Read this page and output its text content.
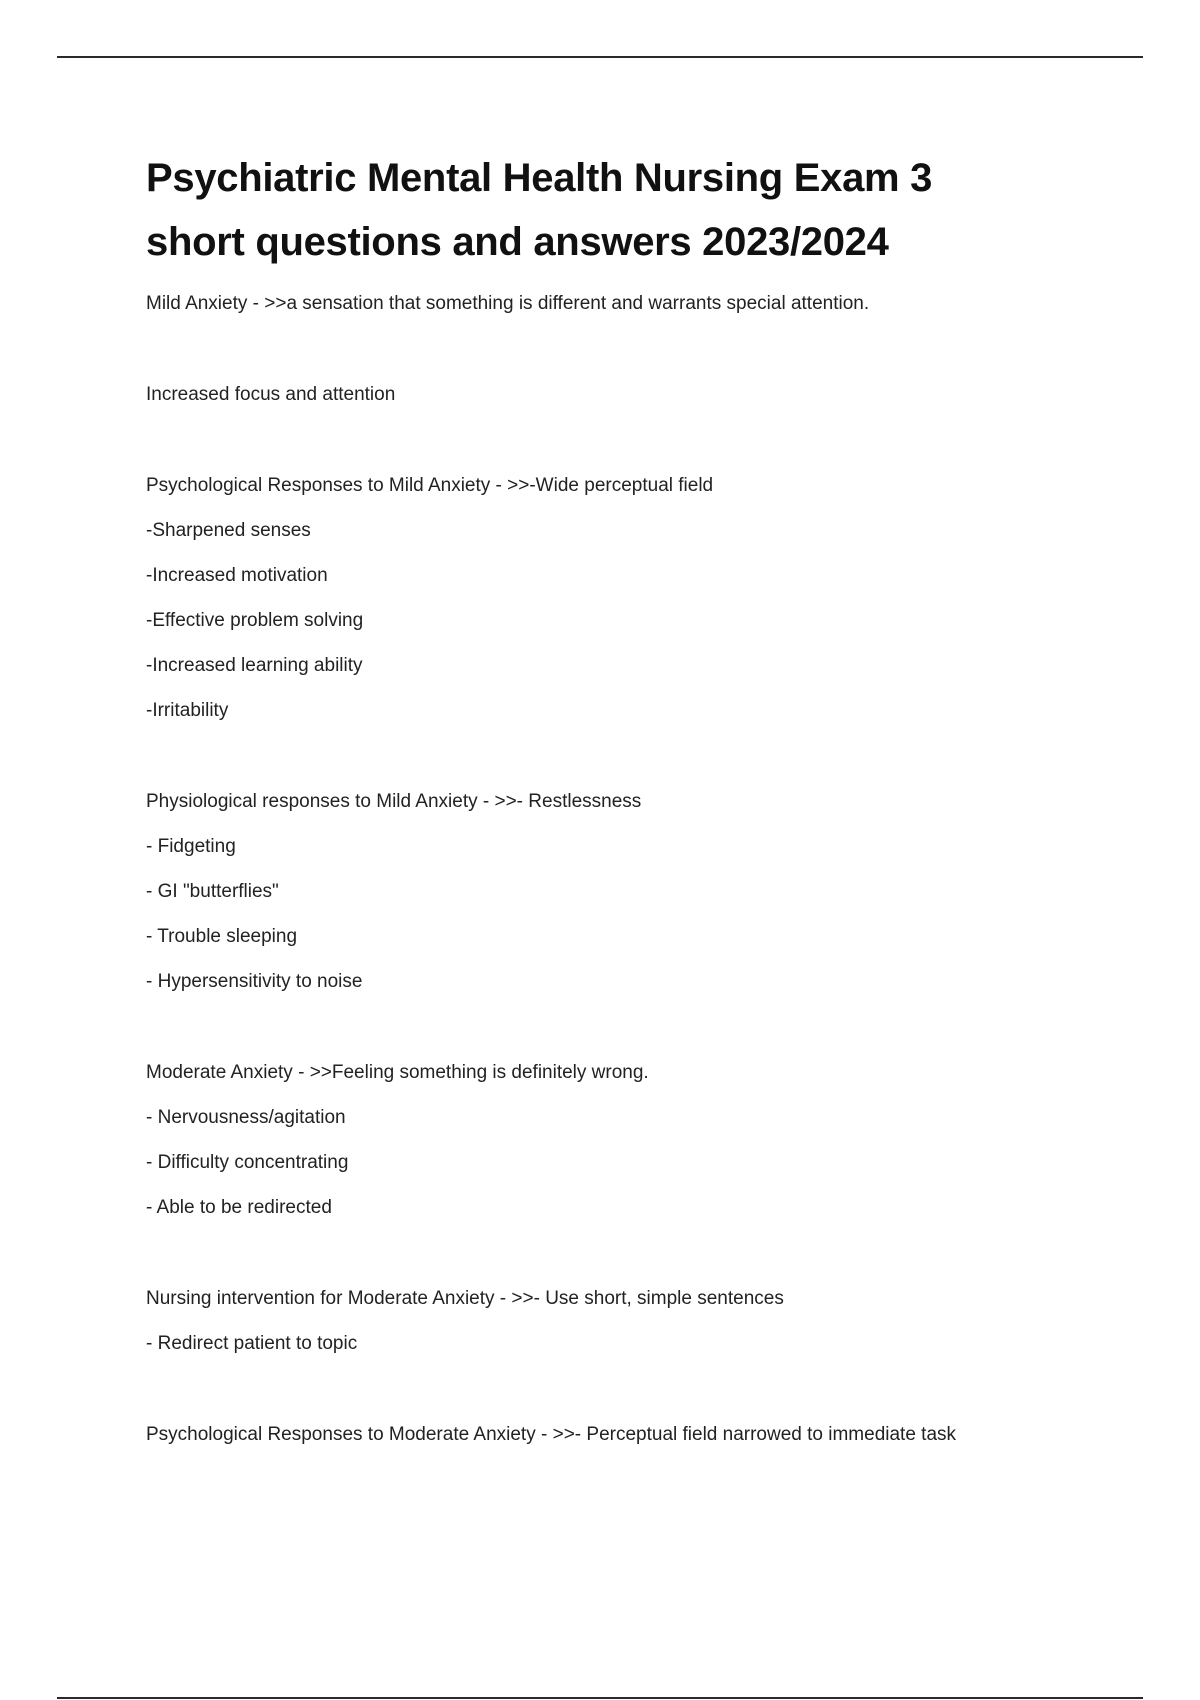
Psychiatric Mental Health Nursing Exam 3
short questions and answers 2023/2024
Mild Anxiety - >>a sensation that something is different and warrants special attention.
Increased focus and attention
Psychological Responses to Mild Anxiety - >>-Wide perceptual field
-Sharpened senses
-Increased motivation
-Effective problem solving
-Increased learning ability
-Irritability
Physiological responses to Mild Anxiety - >>- Restlessness
- Fidgeting
- GI "butterflies"
- Trouble sleeping
- Hypersensitivity to noise
Moderate Anxiety - >>Feeling something is definitely wrong.
- Nervousness/agitation
- Difficulty concentrating
- Able to be redirected
Nursing intervention for Moderate Anxiety - >>- Use short, simple sentences
- Redirect patient to topic
Psychological Responses to Moderate Anxiety - >>- Perceptual field narrowed to immediate task
